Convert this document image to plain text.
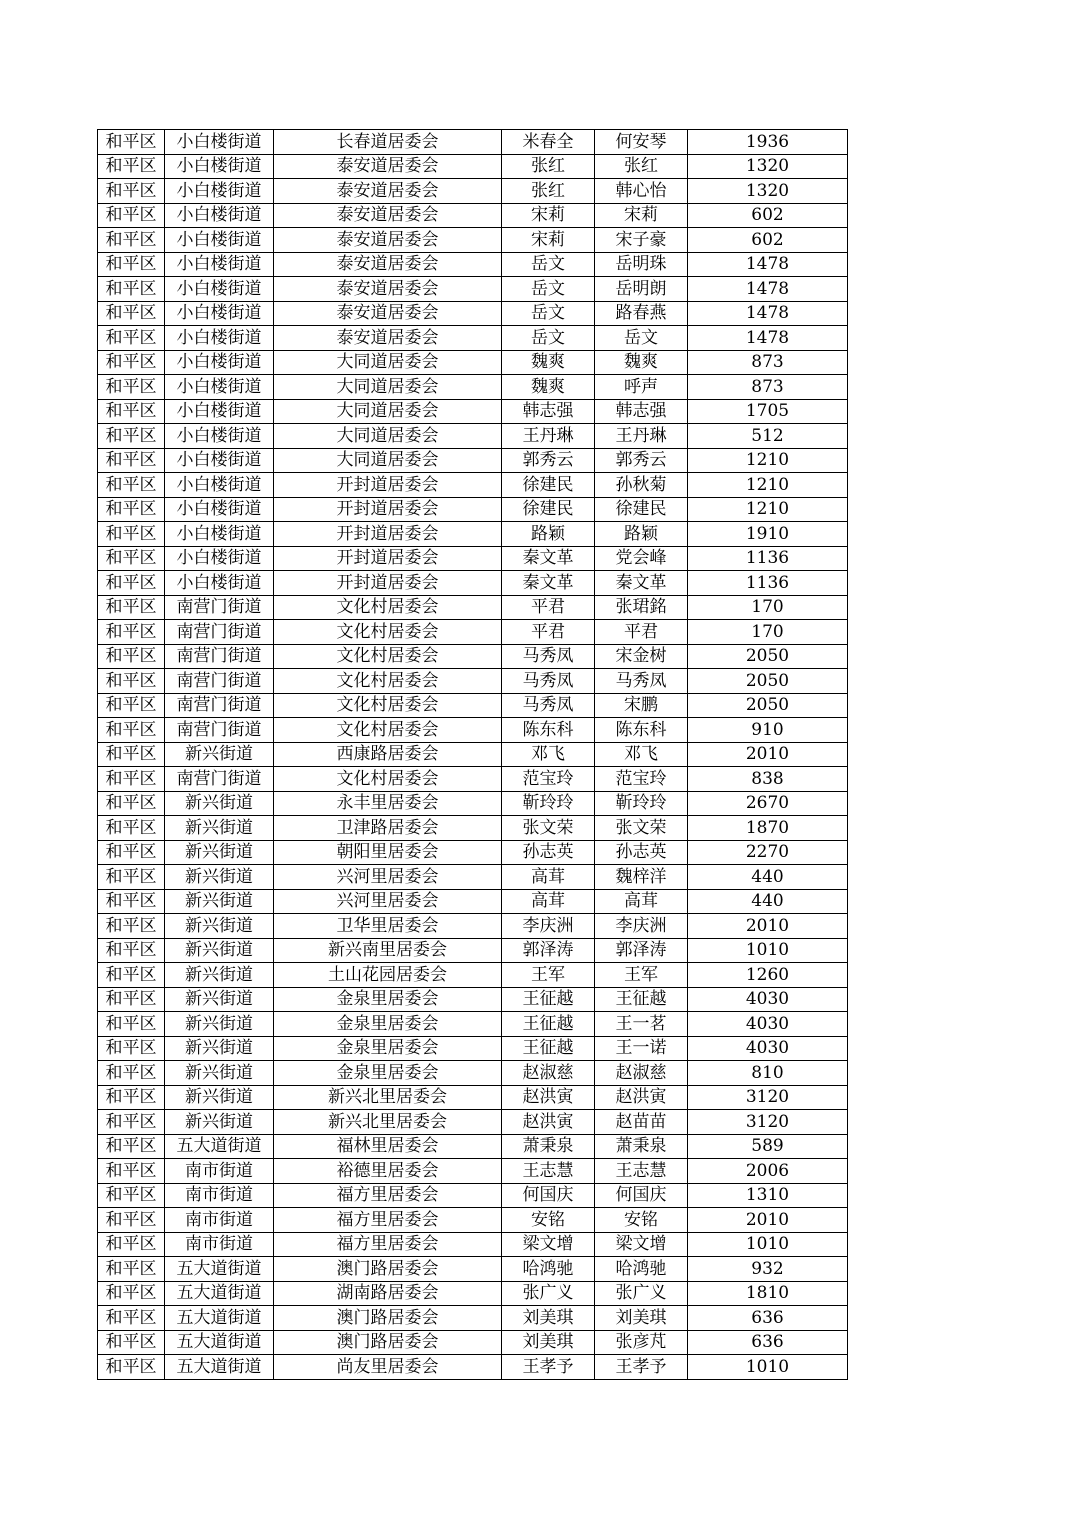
和平区	小白楼街道	长春道居委会	米春全	何安琴	1936
和平区	小白楼街道	泰安道居委会	张红	张红	1320
和平区	小白楼街道	泰安道居委会	张红	韩心怡	1320
和平区	小白楼街道	泰安道居委会	宋莉	宋莉	602
和平区	小白楼街道	泰安道居委会	宋莉	宋子豪	602
和平区	小白楼街道	泰安道居委会	岳文	岳明珠	1478
和平区	小白楼街道	泰安道居委会	岳文	岳明朗	1478
和平区	小白楼街道	泰安道居委会	岳文	路春燕	1478
和平区	小白楼街道	泰安道居委会	岳文	岳文	1478
和平区	小白楼街道	大同道居委会	魏爽	魏爽	873
和平区	小白楼街道	大同道居委会	魏爽	呼声	873
和平区	小白楼街道	大同道居委会	韩志强	韩志强	1705
和平区	小白楼街道	大同道居委会	王丹琳	王丹琳	512
和平区	小白楼街道	大同道居委会	郭秀云	郭秀云	1210
和平区	小白楼街道	开封道居委会	徐建民	孙秋菊	1210
和平区	小白楼街道	开封道居委会	徐建民	徐建民	1210
和平区	小白楼街道	开封道居委会	路颖	路颖	1910
和平区	小白楼街道	开封道居委会	秦文革	党会峰	1136
和平区	小白楼街道	开封道居委会	秦文革	秦文革	1136
和平区	南营门街道	文化村居委会	平君	张珺銘	170
和平区	南营门街道	文化村居委会	平君	平君	170
和平区	南营门街道	文化村居委会	马秀凤	宋金树	2050
和平区	南营门街道	文化村居委会	马秀凤	马秀凤	2050
和平区	南营门街道	文化村居委会	马秀凤	宋鹏	2050
和平区	南营门街道	文化村居委会	陈东科	陈东科	910
和平区	新兴街道	西康路居委会	邓飞	邓飞	2010
和平区	南营门街道	文化村居委会	范宝玲	范宝玲	838
和平区	新兴街道	永丰里居委会	靳玲玲	靳玲玲	2670
和平区	新兴街道	卫津路居委会	张文荣	张文荣	1870
和平区	新兴街道	朝阳里居委会	孙志英	孙志英	2270
和平区	新兴街道	兴河里居委会	高茸	魏梓洋	440
和平区	新兴街道	兴河里居委会	高茸	高茸	440
和平区	新兴街道	卫华里居委会	李庆洲	李庆洲	2010
和平区	新兴街道	新兴南里居委会	郭泽涛	郭泽涛	1010
和平区	新兴街道	土山花园居委会	王军	王军	1260
和平区	新兴街道	金泉里居委会	王征越	王征越	4030
和平区	新兴街道	金泉里居委会	王征越	王一茗	4030
和平区	新兴街道	金泉里居委会	王征越	王一诺	4030
和平区	新兴街道	金泉里居委会	赵淑慈	赵淑慈	810
和平区	新兴街道	新兴北里居委会	赵洪寅	赵洪寅	3120
和平区	新兴街道	新兴北里居委会	赵洪寅	赵苗苗	3120
和平区	五大道街道	福林里居委会	萧秉泉	萧秉泉	589
和平区	南市街道	裕德里居委会	王志慧	王志慧	2006
和平区	南市街道	福方里居委会	何国庆	何国庆	1310
和平区	南市街道	福方里居委会	安铭	安铭	2010
和平区	南市街道	福方里居委会	梁文增	梁文增	1010
和平区	五大道街道	澳门路居委会	哈鸿驰	哈鸿驰	932
和平区	五大道街道	湖南路居委会	张广义	张广义	1810
和平区	五大道街道	澳门路居委会	刘美琪	刘美琪	636
和平区	五大道街道	澳门路居委会	刘美琪	张彦芃	636
和平区	五大道街道	尚友里居委会	王孝予	王孝予	1010
